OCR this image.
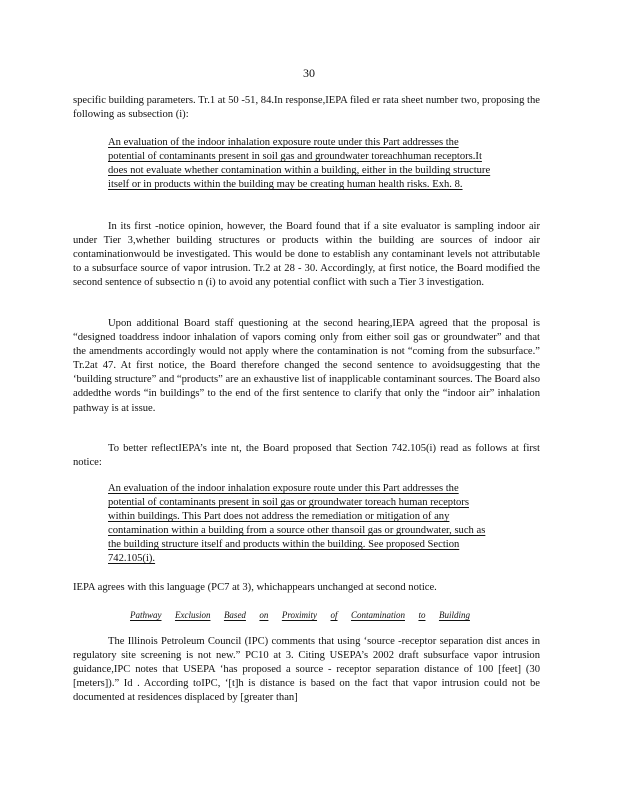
30

specific building parameters. Tr.1 at 50 -51, 84.In response,IEPA filed er rata sheet number two, proposing the following as subsection (i):

An evaluation of the indoor inhalation exposure route under this Part addresses the potential of contaminants present in soil gas and groundwater toreachhuman receptors.It does not evaluate whether contamination within a building, either in the building structure itself or in products within the building may be creating human health risks. Exh. 8.

In its first -notice opinion, however, the Board found that if a site evaluator is sampling indoor air under Tier 3,whether building structures or products within the building are sources of indoor air contaminationwould be investigated. This would be done to establish any contaminant levels not attributable to a subsurface source of vapor intrusion. Tr.2 at 28 - 30. Accordingly, at first notice, the Board modified the second sentence of subsectio n (i) to avoid any potential conflict with such a Tier 3 investigation.

Upon additional Board staff questioning at the second hearing,IEPA agreed that the proposal is “designed toaddress indoor inhalation of vapors coming only from either soil gas or groundwater” and that the amendments accordingly would not apply where the contamination is not “coming from the subsurface.” Tr.2at 47. At first notice, the Board therefore changed the second sentence to avoidsuggesting that the ‘building structure” and “products” are an exhaustive list of inapplicable contaminant sources. The Board also addedthe words “in buildings” to the end of the first sentence to clarify that only the “indoor air” inhalation pathway is at issue.

To better reflectIEPA’s inte nt, the Board proposed that Section 742.105(i) read as follows at first notice:

An evaluation of the indoor inhalation exposure route under this Part addresses the potential of contaminants present in soil gas or groundwater toreach human receptors within buildings. This Part does not address the remediation or mitigation of any contamination within a building from a source other thansoil gas or groundwater, such as the building structure itself and products within the building. See proposed Section 742.105(i).

IEPA agrees with this language (PC7 at 3), whichappears unchanged at second notice.

Pathway Exclusion Based on Proximity of Contamination to Building

The Illinois Petroleum Council (IPC) comments that using ‘source -receptor separation dist ances in regulatory site screening is not new.” PC10 at 3. Citing USEPA’s 2002 draft subsurface vapor intrusion guidance,IPC notes that USEPA ‘has proposed a source - receptor separation distance of 100 [feet] (30 [meters]).” Id . According toIPC, ‘[t]h is distance is based on the fact that vapor intrusion could not be documented at residences displaced by [greater than]
